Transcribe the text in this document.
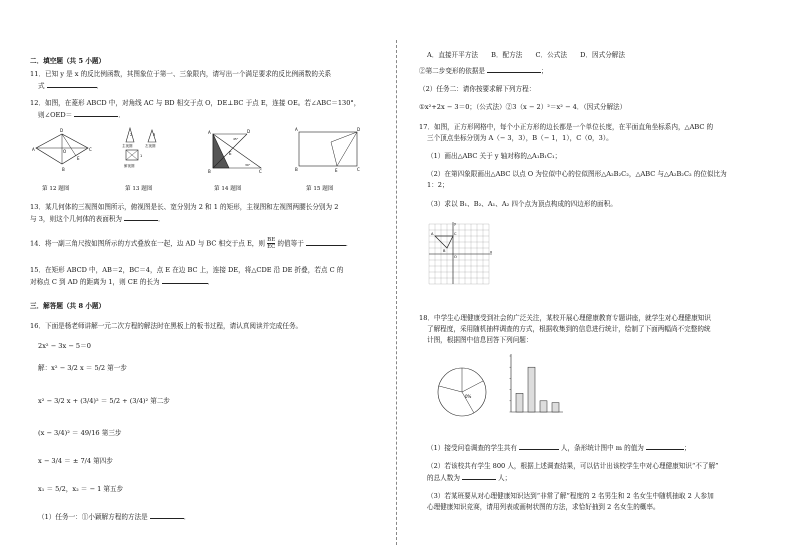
二．填空题（共 5 小题）
11．已知 y 是 x 的反比例函数，其图象位于第一、三象限内，请写出一个满足要求的反比例函数的关系
式	．
12．如图，在菱形 ABCD 中，对角线 AC 与 BD 相交于点 O，DE⊥BC 于点 E，连接 OE。若∠ABC＝130°，
则∠OED＝	．
A
B
C
D
O
E
主视图	左视图
俯视图
2	3
1
A
B	C
D
E
45°
30°
A
B	C
D
E
第 12 题图	第 13 题图	第 14 题图	第 15 题图
13．某几何体的三视图如图所示，俯视图是长、宽分别为 2 和 1 的矩形，主视图和左视图两腰长分别为 2
与 3，则这个几何体的表面积为	．
14．将一副三角尺按如图所示的方式叠放在一起，边 AD 与 BC 相交于点 E，则 $\frac{BE}{EC}$ 的值等于	．
15．在矩形 ABCD 中，AB＝2，BC＝4，点 E 在边 BC 上，连接 DE，将△CDE 沿 DE 折叠，若点 C 的
对称点 C 到 AD 的距离为 1，则 CE 的长为	．
三．解答题（共 8 小题）
16．下面是杨老师讲解一元二次方程的解法时在黑板上的板书过程，请认真阅读并完成任务。
2x² − 3x − 5＝0
解：x² − 3/2 x ＝ 5/2 第一步
x² − 3/2 x + (3/4)² ＝ 5/2 + (3/4)² 第二步
(x − 3/4)² ＝ 49/16 第三步
x − 3/4 ＝ ± 7/4 第四步
x₁ ＝ 5/2，x₂ ＝ − 1 第五步
（1）任务一：①小颖解方程的方法是	．
A．直接开平方法　　B．配方法　　C．公式法　　D．因式分解法
②第二步变形的依据是	；
（2）任务二：请你按要求解下列方程：
①x²+2x − 3＝0；（公式法）②3（x − 2）²＝x² − 4．（因式分解法）
17．如图，正方形网格中，每个小正方形的边长都是一个单位长度，在平面直角坐标系内，△ABC 的
三个顶点坐标分别为 A（− 3，3），B（− 1，1），C（0，3）。
（1）画出△ABC 关于 y 轴对称的△A₁B₁C₁；
（2）在第四象限画出△ABC 以点 O 为位似中心的位似图形△A₂B₂C₂，△ABC 与△A₂B₂C₂ 的位似比为
1：2；
（3）求以 B₁、B₂、A₁、A₂ 四个点为顶点构成的四边形的面积。
A
B
C
O
x
y
18．中学生心理健康受到社会的广泛关注，某校开展心理健康教育专题讲座，就学生对心理健康知识
了解程度，采用随机抽样调查的方式，根据收集到的信息进行统计，绘制了下面两幅尚不完整的统
计图，根据图中信息回答下列问题：
0%
（1）接受问卷调查的学生共有	人，条形统计图中 m 的值为	；
（2）若该校共有学生 800 人，根据上述调查结果，可以估计出该校学生中对心理健康知识“不了解”
的总人数为	人；
（3）若某班要从对心理健康知识达到“非常了解”程度的 2 名男生和 2 名女生中随机抽取 2 人参加
心理健康知识竞赛，请用列表或画树状图的方法，求恰好抽到 2 名女生的概率。
